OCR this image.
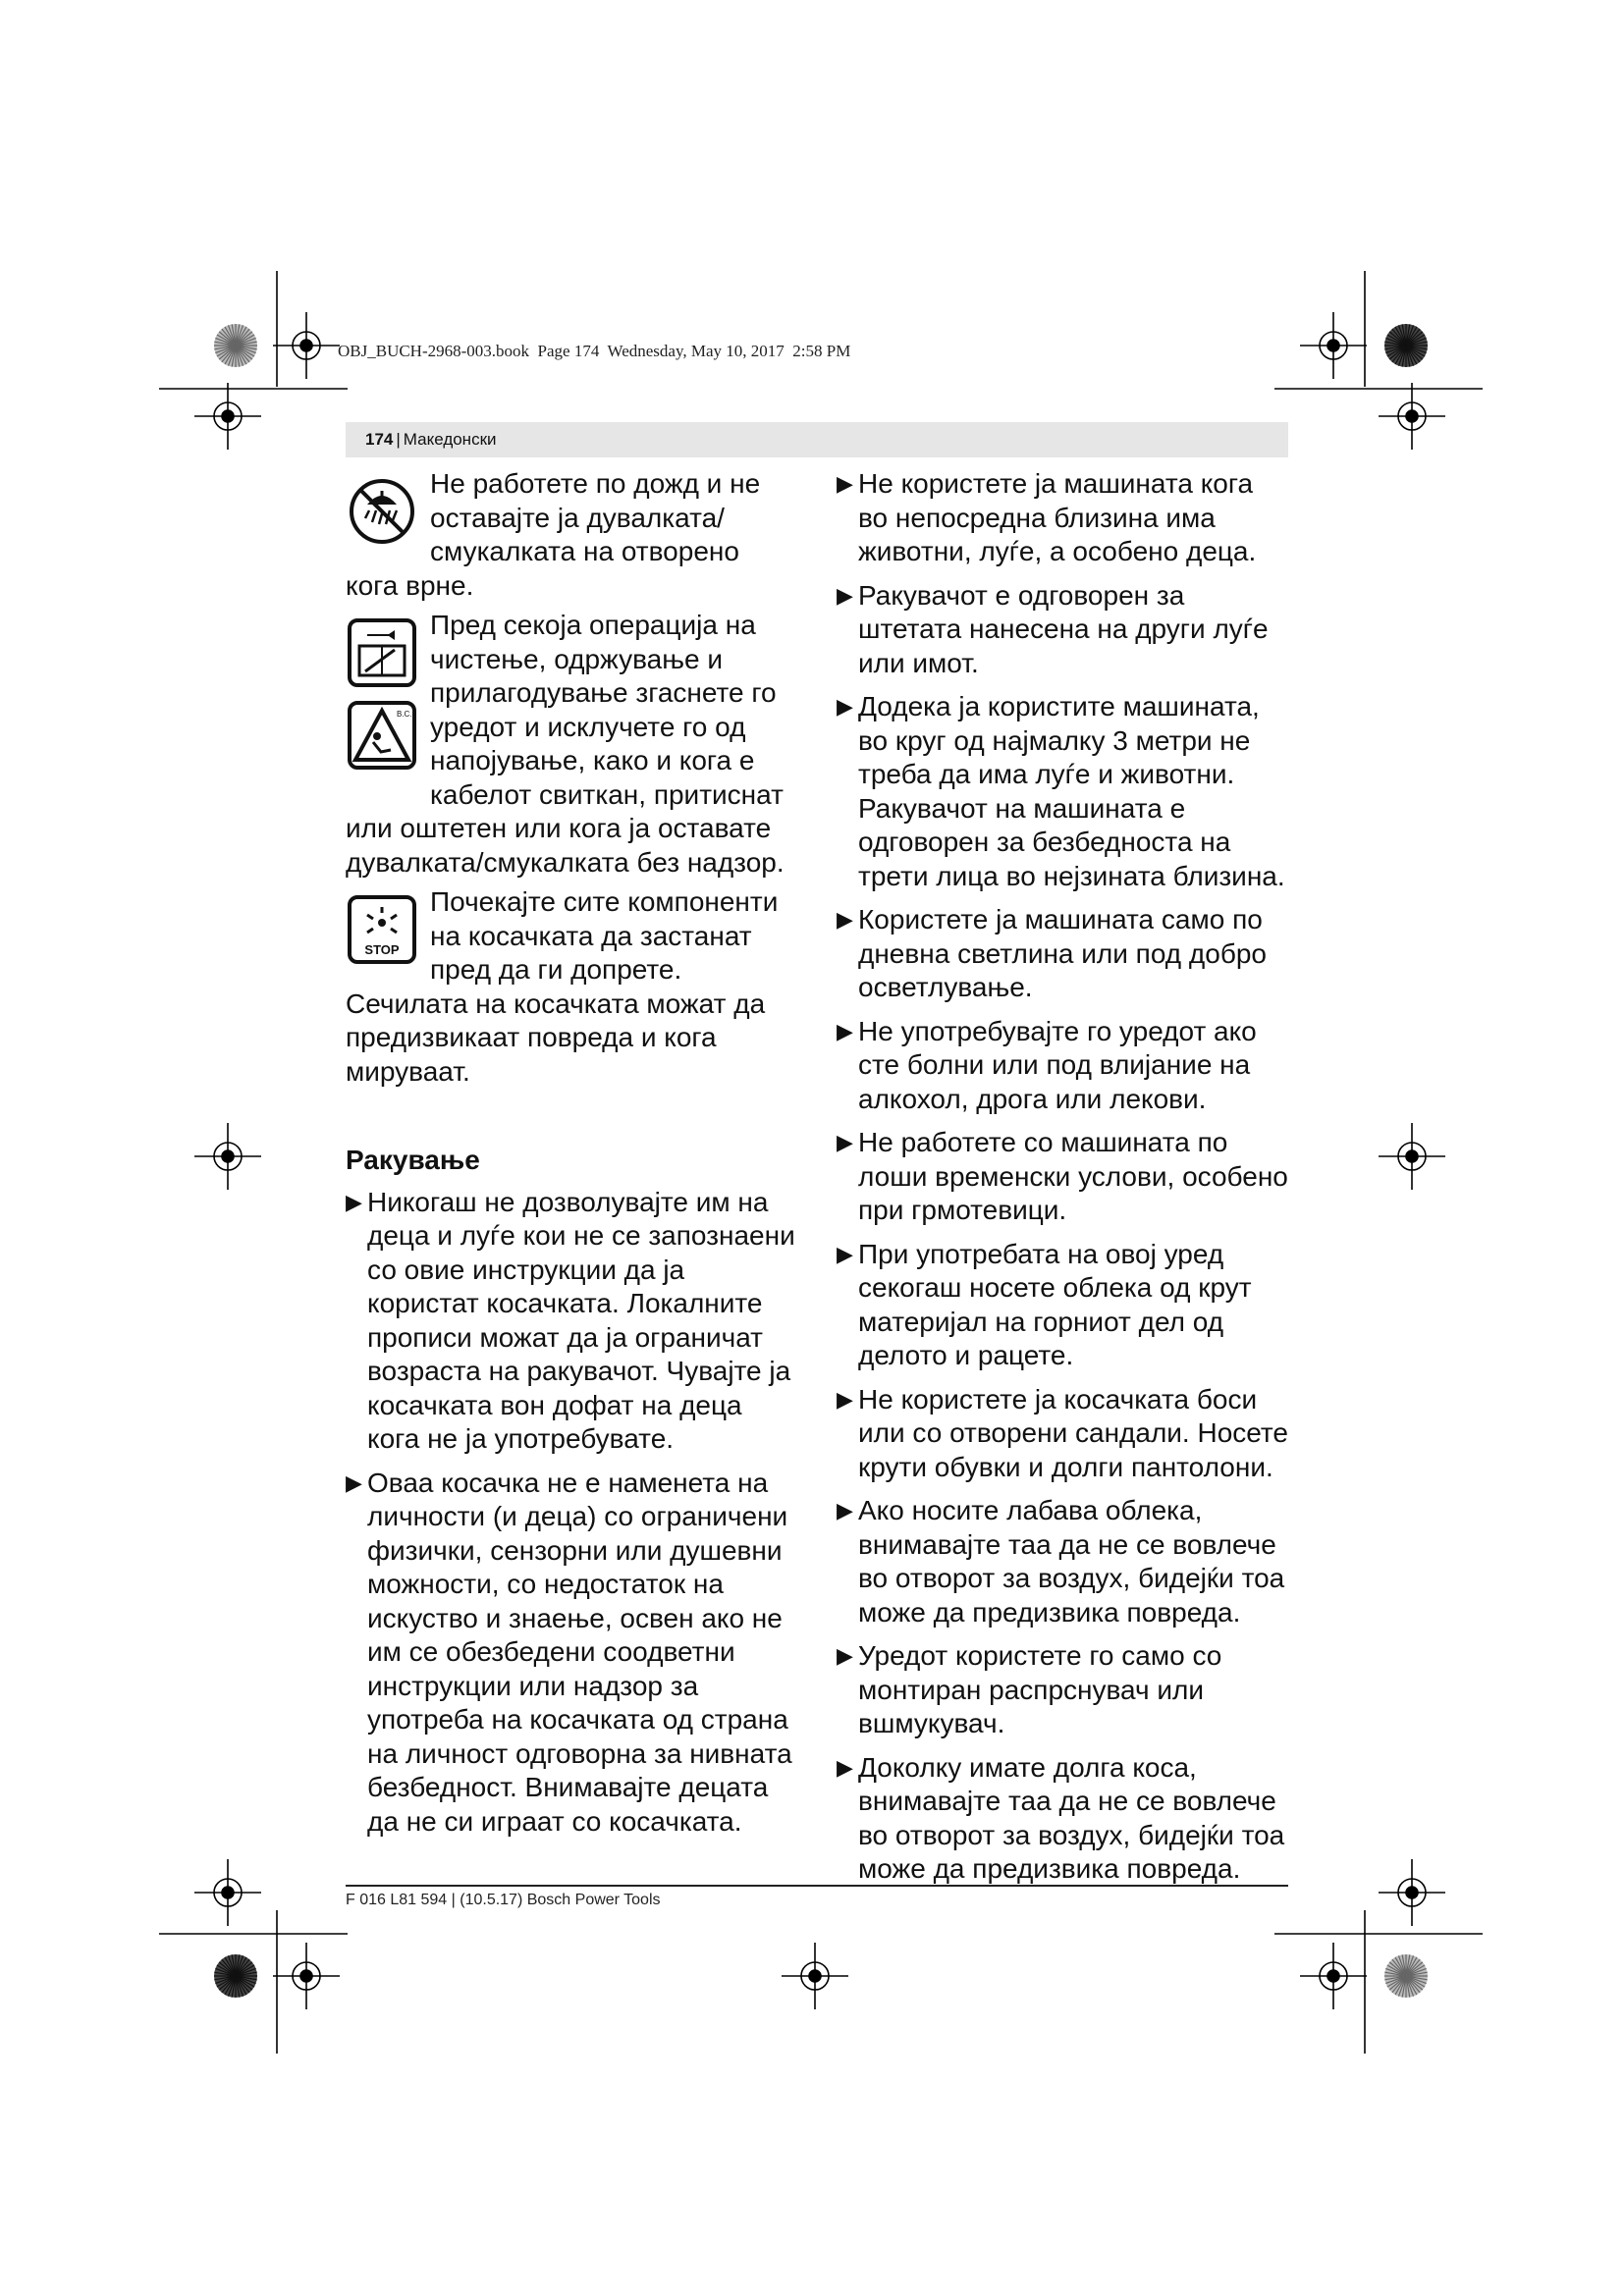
OBJ_BUCH-2968-003.book  Page 174  Wednesday, May 10, 2017  2:58 PM
174 | Македонски

Не работете по дожд и не оставајте ја дувалката/смукалката на отворено кога врне.

B.C.

Пред секоја операција на чистење, одржување и прилагодување згаснете го уредот и исклучете го од напојување, како и кога е кабелот свиткан, притиснат или оштетен или кога ја оставате дувалката/смукалката без надзор.

STOP

Почекајте сите компоненти на косачката да застанат пред да ги допрете. Сечилата на косачката можат да предизвикаат повреда и кога мируваат.

Ракување
▶ Никогаш не дозволувајте им на деца и луѓе кои не се запознаени со овие инструкции да ја користат косачката. Локалните прописи можат да ја ограничат возраста на ракувачот. Чувајте ја косачката вон дофат на деца кога не ја употребувате.
▶ Оваа косачка не е наменета на личности (и деца) со ограничени физички, сензорни или душевни можности, со недостаток на искуство и знаење, освен ако не им се обезбедени соодветни инструкции или надзор за употреба на косачката од страна на личност одговорна за нивната безбедност. Внимавајте децата да не си играат со косачката.
▶ Не користете ја машината кога во непосредна близина има животни, луѓе, а особено деца.
▶ Ракувачот е одговорен за штетата нанесена на други луѓе или имот.
▶ Додека ја користите машината, во круг од најмалку 3 метри не треба да има луѓе и животни. Ракувачот на машината е одговорен за безбедноста на трети лица во нејзината близина.
▶ Користете ја машината само по дневна светлина или под добро осветлување.
▶ Не употребувајте го уредот ако сте болни или под влијание на алкохол, дрога или лекови.
▶ Не работете со машината по лоши временски услови, особено при грмотевици.
▶ При употребата на овој уред секогаш носете облека од крут материјал на горниот дел од делото и рацете.
▶ Не користете ја косачката боси или со отворени сандали. Носете крути обувки и долги пантолони.
▶ Ако носите лабава облека, внимавајте таа да не се вовлече во отворот за воздух, бидејќи тоа може да предизвика повреда.
▶ Уредот користете го само со монтиран распрснувач или вшмукувач.
▶ Доколку имате долга коса, внимавајте таа да не се вовлече во отворот за воздух, бидејќи тоа може да предизвика повреда.
F 016 L81 594 | (10.5.17) Bosch Power Tools
